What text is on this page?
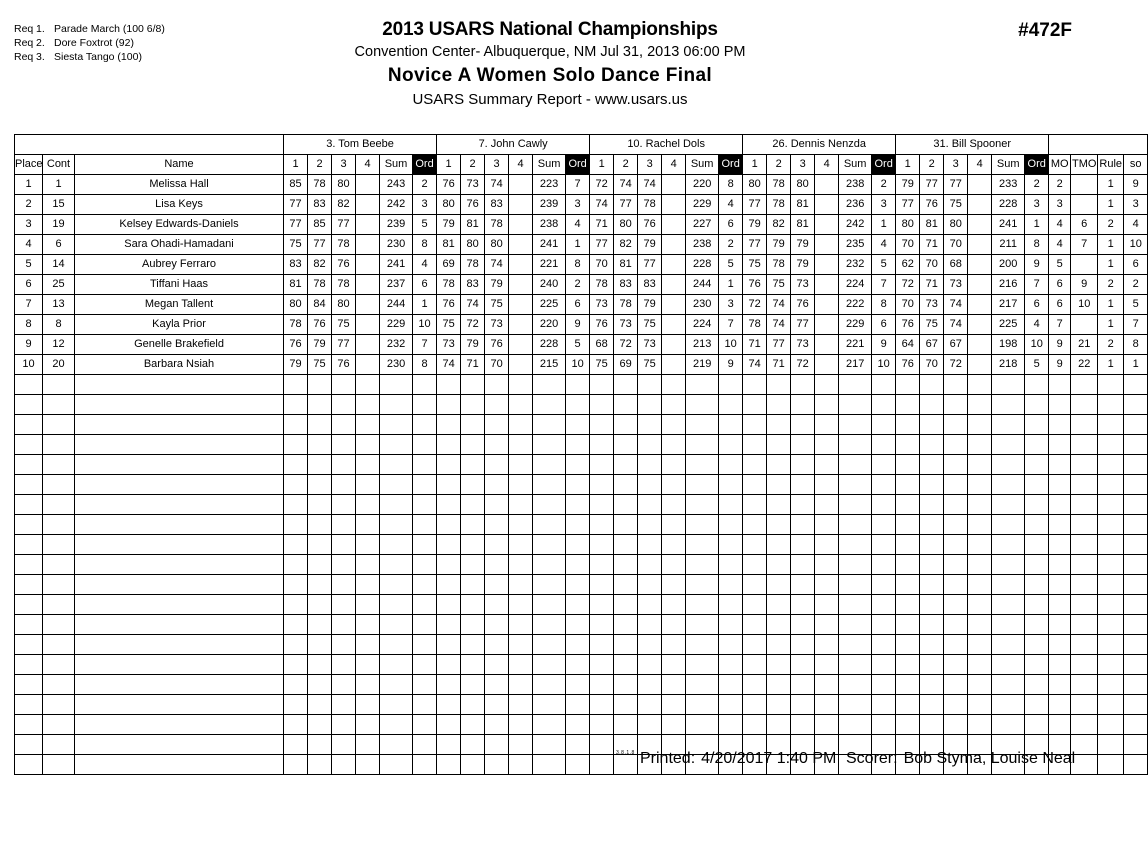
Req 1. Parade March (100 6/8)
Req 2. Dore Foxtrot (92)
Req 3. Siesta Tango (100)
2013 USARS National Championships
Convention Center- Albuquerque, NM Jul 31, 2013 06:00 PM
Novice A Women Solo Dance Final
USARS Summary Report - www.usars.us
#472F
			3. Tom Beebe						7. John Cawly						10. Rachel Dols						26. Dennis Nenzda						31. Bill Spooner									
Place	Cont	Name	1	2	3	4	Sum	Ord	1	2	3	4	Sum	Ord	1	2	3	4	Sum	Ord	1	2	3	4	Sum	Ord	1	2	3	4	Sum	Ord	MO	TMO	Rule	so
1	1	Melissa Hall	85	78	80		243	2	76	73	74		223	7	72	74	74		220	8	80	78	80		238	2	79	77	77		233	2	2		1	9
2	15	Lisa Keys	77	83	82		242	3	80	76	83		239	3	74	77	78		229	4	77	78	81		236	3	77	76	75		228	3	3		1	3
3	19	Kelsey Edwards-Daniels	77	85	77		239	5	79	81	78		238	4	71	80	76		227	6	79	82	81		242	1	80	81	80		241	1	4	6	2	4
4	6	Sara Ohadi-Hamadani	75	77	78		230	8	81	80	80		241	1	77	82	79		238	2	77	79	79		235	4	70	71	70		211	8	4	7	1	10
5	14	Aubrey Ferraro	83	82	76		241	4	69	78	74		221	8	70	81	77		228	5	75	78	79		232	5	62	70	68		200	9	5		1	6
6	25	Tiffani Haas	81	78	78		237	6	78	83	79		240	2	78	83	83		244	1	76	75	73		224	7	72	71	73		216	7	6	9	2	2
7	13	Megan Tallent	80	84	80		244	1	76	74	75		225	6	73	78	79		230	3	72	74	76		222	8	70	73	74		217	6	6	10	1	5
8	8	Kayla Prior	78	76	75		229	10	75	72	73		220	9	76	73	75		224	7	78	74	77		229	6	76	75	74		225	4	7		1	7
9	12	Genelle Brakefield	76	79	77		232	7	73	79	76		228	5	68	72	73		213	10	71	77	73		221	9	64	67	67		198	10	9	21	2	8
10	20	Barbara Nsiah	79	75	76		230	8	74	71	70		215	10	75	69	75		219	9	74	71	72		217	10	76	70	72		218	5	9	22	1	1

3.8.1.8 Printed: 4/20/2017 1:40 PM Scorer: Bob Styma, Louise Neal
